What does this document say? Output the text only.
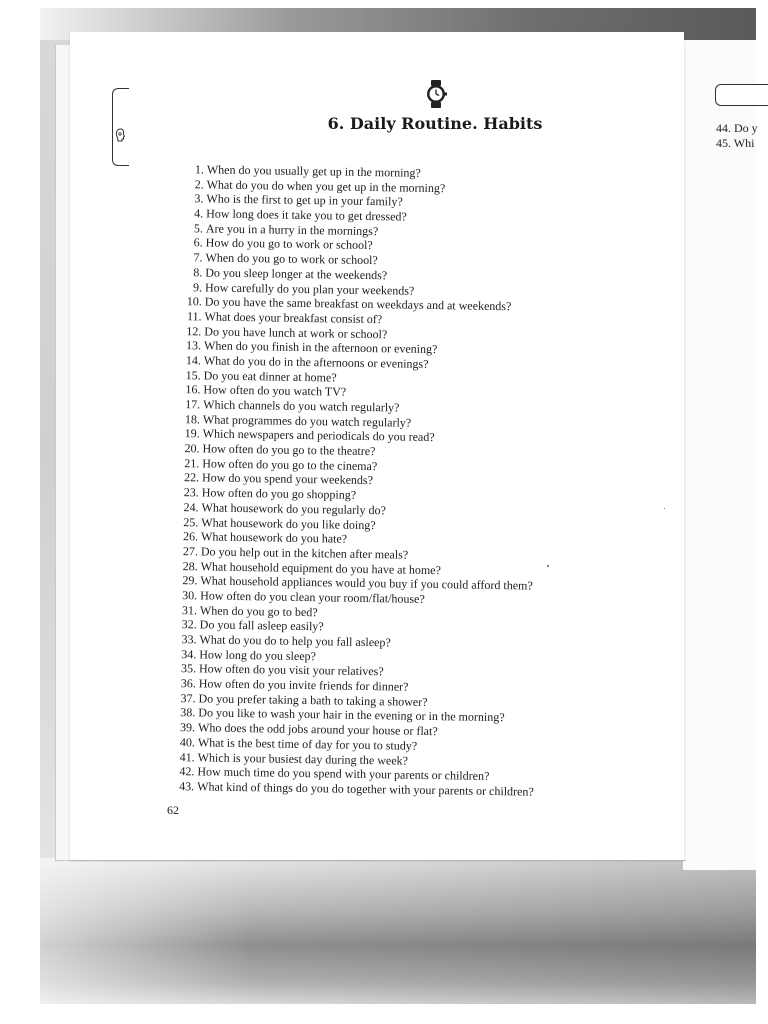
44. Do y
45. Whi
6. Daily Routine. Habits
1. When do you usually get up in the morning?
2. What do you do when you get up in the morning?
3. Who is the first to get up in your family?
4. How long does it take you to get dressed?
5. Are you in a hurry in the mornings?
6. How do you go to work or school?
7. When do you go to work or school?
8. Do you sleep longer at the weekends?
9. How carefully do you plan your weekends?
10. Do you have the same breakfast on weekdays and at weekends?
11. What does your breakfast consist of?
12. Do you have lunch at work or school?
13. When do you finish in the afternoon or evening?
14. What do you do in the afternoons or evenings?
15. Do you eat dinner at home?
16. How often do you watch TV?
17. Which channels do you watch regularly?
18. What programmes do you watch regularly?
19. Which newspapers and periodicals do you read?
20. How often do you go to the theatre?
21. How often do you go to the cinema?
22. How do you spend your weekends?
23. How often do you go shopping?
24. What housework do you regularly do?
25. What housework do you like doing?
26. What housework do you hate?
27. Do you help out in the kitchen after meals?
28. What household equipment do you have at home?
29. What household appliances would you buy if you could afford them?
30. How often do you clean your room/flat/house?
31. When do you go to bed?
32. Do you fall asleep easily?
33. What do you do to help you fall asleep?
34. How long do you sleep?
35. How often do you visit your relatives?
36. How often do you invite friends for dinner?
37. Do you prefer taking a bath to taking a shower?
38. Do you like to wash your hair in the evening or in the morning?
39. Who does the odd jobs around your house or flat?
40. What is the best time of day for you to study?
41. Which is your busiest day during the week?
42. How much time do you spend with your parents or children?
43. What kind of things do you do together with your parents or children?
62
